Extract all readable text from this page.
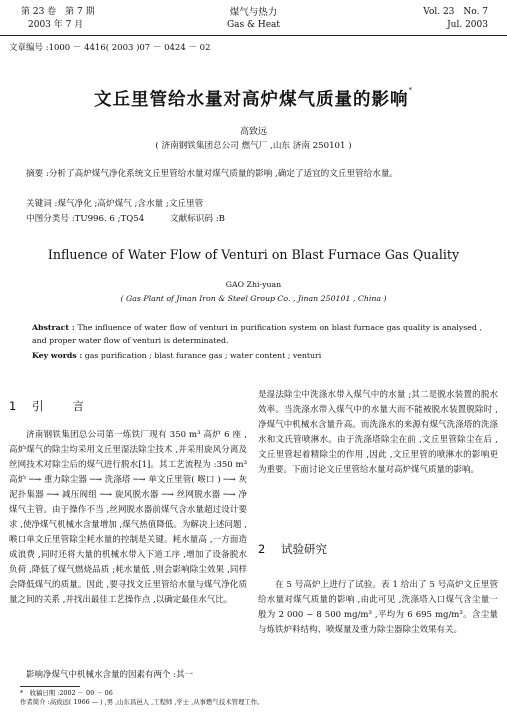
第 23 卷　第 7 期
2003 年 7 月
煤气与热力
Gas & Heat
Vol. 23　No. 7
Jul. 2003
文章编号 :1000 － 4416( 2003 )07 － 0424 － 02
文丘里管给水量对高炉煤气质量的影响*
高致远
( 济南钢铁集团总公司 燃气厂 ,山东 济南 250101 )
摘要 :分析了高炉煤气净化系统文丘里管给水量对煤气质量的影响 ,确定了适宜的文丘里管给水量。
关键词 :煤气净化 ;高炉煤气 ;含水量 ;文丘里管
中图分类号 :TU996. 6 ;TQ54　　　文献标识码 :B
Influence of Water Flow of Venturi on Blast Furnace Gas Quality
GAO Zhi-yuan
( Gas Plant of Jinan Iron & Steel Group Co. , Jinan 250101 , China )
Abstract : The influence of water flow of venturi in purification system on blast furnace gas quality is analysed , and proper water flow of venturi is determinated.
Key words : gas purification ; blast furance gas ; water content ; venturi
1 引　　言
济南钢铁集团总公司第一炼铁厂现有 350 m³ 高炉 6 座 ,高炉煤气的除尘均采用文丘里湿法除尘技术 ,并采用旋风分离及丝网技术对除尘后的煤气进行脱水[1]。其工艺流程为 :350 m³ 高炉 ─→ 重力除尘器 ─→ 洗涤塔 ─→ 单文丘里管( 喉口 ) ─→ 灰泥扑集器 ─→ 减压阀组 ─→ 旋风脱水器 ─→ 丝网脱水器 ─→ 净煤气主管。由于操作不当 ,丝网脱水器前煤气含水量超过设计要求 ,使净煤气机械水含量增加 ,煤气热值降低。为解决上述问题 ,喉口单文丘里管除尘耗水量的控制是关键。耗水量高 ,一方面造成浪费 ,同时还将大量的机械水带入下道工序 ,增加了设备脱水负荷 ,降低了煤气燃烧品质 ;耗水量低 ,则会影响除尘效果 ,同样会降低煤气的质量。因此 ,要寻找文丘里管给水量与煤气净化质量之间的关系 ,并找出最佳工艺操作点 ,以确定最佳水气比。
影响净煤气中机械水含量的因素有两个 :其一
是湿法除尘中洗涤水带入煤气中的水量 ;其二是脱水装置的脱水效率。当洗涤水带入煤气中的水量大而不能被脱水装置脱除时 ,净煤气中机械水含量升高。而洗涤水的来源有煤气洗涤塔的洗涤水和文氏管喷淋水。由于洗涤塔除尘在前 ,文丘里管除尘在后 ,文丘里管起着精除尘的作用 ,因此 ,文丘里管的喷淋水的影响更为重要。下面讨论文丘里管给水量对高炉煤气质量的影响。
2 试验研究
在 5 号高炉上进行了试验。表 1 给出了 5 号高炉文丘里管给水量对煤气质量的影响 ,由此可见 ,洗涤塔入口煤气含尘量一般为 2 000 ~ 8 500 mg/m³ ,平均为 6 695 mg/m³。含尘量与炼铁炉料结构、喷煤量及重力除尘器除尘效果有关。
*　收稿日期 :2002 － 09 － 06
作者简介 :高致远( 1966 — ) ,男 ,山东昌邑人 ,工程师 ,学士 ,从事燃气技术管理工作。
